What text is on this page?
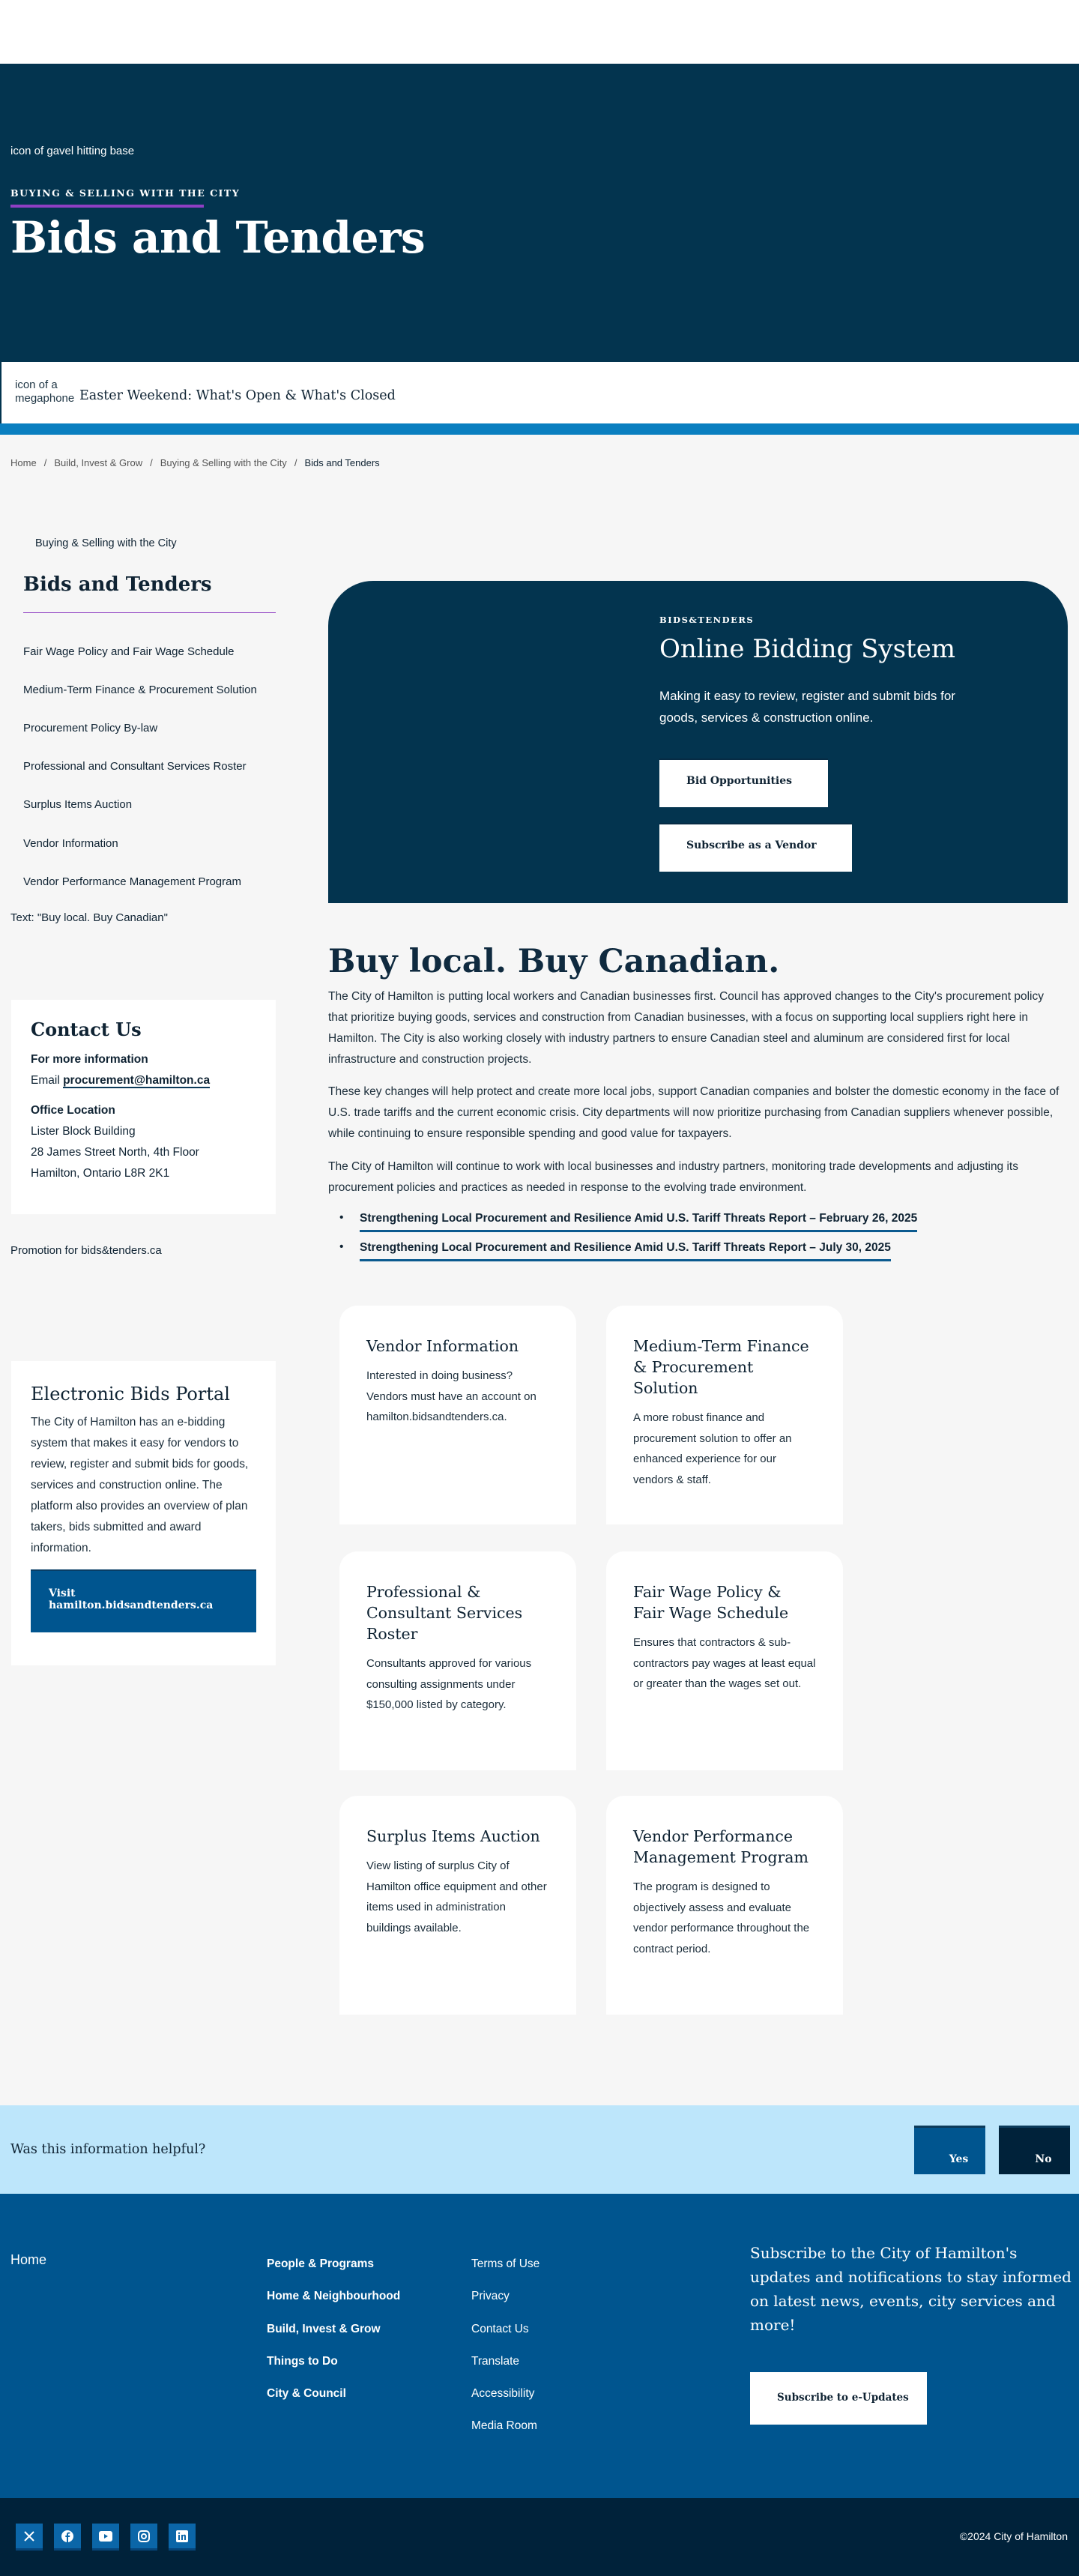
icon of gavel hitting base
BUYING & SELLING WITH THE CITY
Bids and Tenders
icon of a megaphone Easter Weekend: What's Open & What's Closed
Home / Build, Invest & Grow / Buying & Selling with the City / Bids and Tenders
Buying & Selling with the City
Bids and Tenders
Fair Wage Policy and Fair Wage Schedule
Medium-Term Finance & Procurement Solution
Procurement Policy By-law
Professional and Consultant Services Roster
Surplus Items Auction
Vendor Information
Vendor Performance Management Program
Text: "Buy local. Buy Canadian"
Contact Us
For more information
Email procurement@hamilton.ca
Office Location
Lister Block Building
28 James Street North, 4th Floor
Hamilton, Ontario L8R 2K1
Promotion for bids&tenders.ca
Electronic Bids Portal

The City of Hamilton has an e-bidding system that makes it easy for vendors to review, register and submit bids for goods, services and construction online. The platform also provides an overview of plan takers, bids submitted and award information.

Visit hamilton.bidsandtenders.ca
BIDS&TENDERS
Online Bidding System

Making it easy to review, register and submit bids for goods, services & construction online.

Bid Opportunities
Subscribe as a Vendor
Buy local. Buy Canadian.

The City of Hamilton is putting local workers and Canadian businesses first. Council has approved changes to the City's procurement policy that prioritize buying goods, services and construction from Canadian businesses, with a focus on supporting local suppliers right here in Hamilton. The City is also working closely with industry partners to ensure Canadian steel and aluminum are considered first for local infrastructure and construction projects.

These key changes will help protect and create more local jobs, support Canadian companies and bolster the domestic economy in the face of U.S. trade tariffs and the current economic crisis. City departments will now prioritize purchasing from Canadian suppliers whenever possible, while continuing to ensure responsible spending and good value for taxpayers.

The City of Hamilton will continue to work with local businesses and industry partners, monitoring trade developments and adjusting its procurement policies and practices as needed in response to the evolving trade environment.

• Strengthening Local Procurement and Resilience Amid U.S. Tariff Threats Report – February 26, 2025
• Strengthening Local Procurement and Resilience Amid U.S. Tariff Threats Report – July 30, 2025
Vendor Information

Interested in doing business? Vendors must have an account on hamilton.bidsandtenders.ca.

Medium-Term Finance & Procurement Solution

A more robust finance and procurement solution to offer an enhanced experience for our vendors & staff.

Professional & Consultant Services Roster

Consultants approved for various consulting assignments under $150,000 listed by category.

Fair Wage Policy & Fair Wage Schedule

Ensures that contractors & sub-contractors pay wages at least equal or greater than the wages set out.

Surplus Items Auction

View listing of surplus City of Hamilton office equipment and other items used in administration buildings available.

Vendor Performance Management Program

The program is designed to objectively assess and evaluate vendor performance throughout the contract period.

Was this information helpful?
Yes	No
Home	People & Programs
Home & Neighbourhood
Build, Invest & Grow
Things to Do
City & Council
Terms of Use
Privacy
Contact Us
Translate
Accessibility
Media Room
Subscribe to e-Updates

Subscribe to the City of Hamilton's updates and notifications to stay informed on latest news, events, city services and more!

©2024 City of Hamilton
